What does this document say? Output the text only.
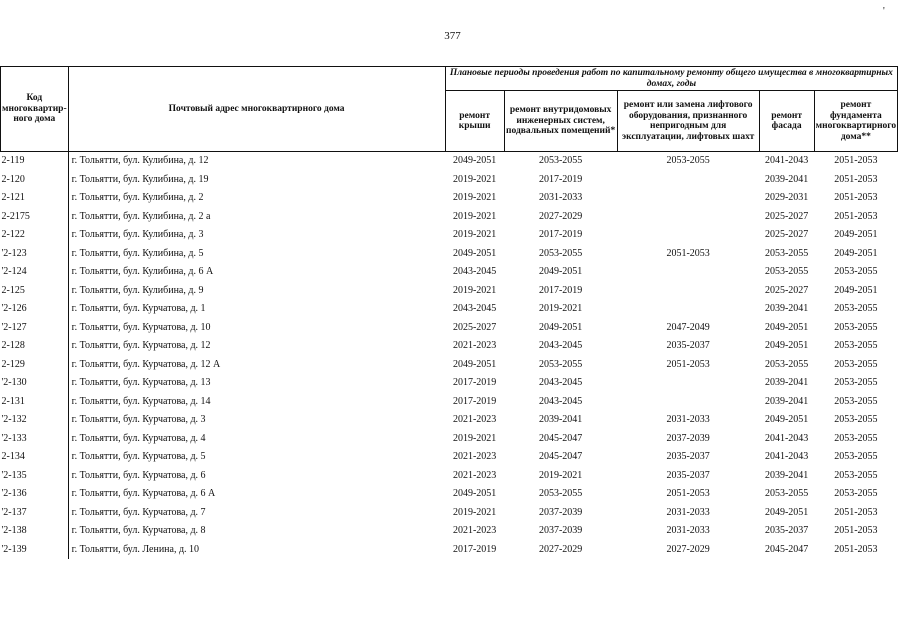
377
'
Код многоквартир-ного дома	Почтовый адрес многоквартирного дома	Плановые периоды проведения работ по капитальному ремонту общего имущества в многоквартирных домах, годы				
		ремонт крыши	ремонт внутридомовых инженерных систем, подвальных помещений*	ремонт или замена лифтового оборудования, признанного непригодным для эксплуатации, лифтовых шахт	ремонт фасада	ремонт фундамента многоквартирного дома**
2-119	г. Тольятти, бул. Кулибина, д. 12	2049-2051	2053-2055	2053-2055	2041-2043	2051-2053
2-120	г. Тольятти, бул. Кулибина, д. 19	2019-2021	2017-2019		2039-2041	2051-2053
2-121	г. Тольятти, бул. Кулибина, д. 2	2019-2021	2031-2033		2029-2031	2051-2053
2-2175	г. Тольятти, бул. Кулибина, д. 2 а	2019-2021	2027-2029		2025-2027	2051-2053
2-122	г. Тольятти, бул. Кулибина, д. 3	2019-2021	2017-2019		2025-2027	2049-2051
'2-123	г. Тольятти, бул. Кулибина, д. 5	2049-2051	2053-2055	2051-2053	2053-2055	2049-2051
'2-124	г. Тольятти, бул. Кулибина, д. 6 А	2043-2045	2049-2051		2053-2055	2053-2055
2-125	г. Тольятти, бул. Кулибина, д. 9	2019-2021	2017-2019		2025-2027	2049-2051
'2-126	г. Тольятти, бул. Курчатова, д. 1	2043-2045	2019-2021		2039-2041	2053-2055
'2-127	г. Тольятти, бул. Курчатова, д. 10	2025-2027	2049-2051	2047-2049	2049-2051	2053-2055
2-128	г. Тольятти, бул. Курчатова, д. 12	2021-2023	2043-2045	2035-2037	2049-2051	2053-2055
2-129	г. Тольятти, бул. Курчатова, д. 12 А	2049-2051	2053-2055	2051-2053	2053-2055	2053-2055
'2-130	г. Тольятти, бул. Курчатова, д. 13	2017-2019	2043-2045		2039-2041	2053-2055
2-131	г. Тольятти, бул. Курчатова, д. 14	2017-2019	2043-2045		2039-2041	2053-2055
'2-132	г. Тольятти, бул. Курчатова, д. 3	2021-2023	2039-2041	2031-2033	2049-2051	2053-2055
'2-133	г. Тольятти, бул. Курчатова, д. 4	2019-2021	2045-2047	2037-2039	2041-2043	2053-2055
2-134	г. Тольятти, бул. Курчатова, д. 5	2021-2023	2045-2047	2035-2037	2041-2043	2053-2055
'2-135	г. Тольятти, бул. Курчатова, д. 6	2021-2023	2019-2021	2035-2037	2039-2041	2053-2055
'2-136	г. Тольятти, бул. Курчатова, д. 6 А	2049-2051	2053-2055	2051-2053	2053-2055	2053-2055
'2-137	г. Тольятти, бул. Курчатова, д. 7	2019-2021	2037-2039	2031-2033	2049-2051	2051-2053
'2-138	г. Тольятти, бул. Курчатова, д. 8	2021-2023	2037-2039	2031-2033	2035-2037	2051-2053
'2-139	г. Тольятти, бул. Ленина, д. 10	2017-2019	2027-2029	2027-2029	2045-2047	2051-2053
